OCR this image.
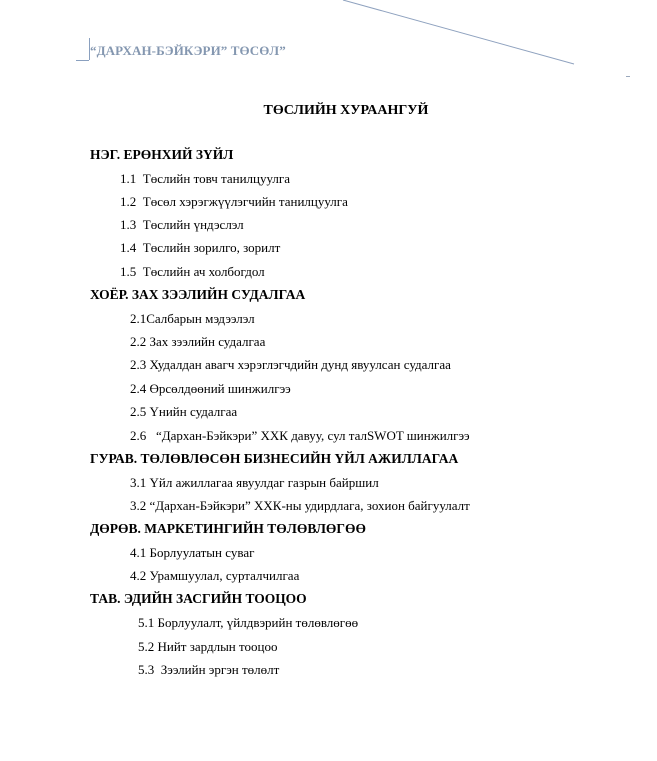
“ДАРХАН-БЭЙКЭРИ” ТӨСӨЛ”
ТӨСЛИЙН ХУРААНГУЙ
НЭГ. ЕРӨНХИЙ ЗҮЙЛ
1.1 Төслийн товч танилцуулга
1.2 Төсөл хэрэгжүүлэгчийн танилцуулга
1.3 Төслийн үндэслэл
1.4 Төслийн зорилго, зорилт
1.5 Төслийн ач холбогдол
ХОЁР. ЗАХ ЗЭЭЛИЙН СУДАЛГАА
2.1Салбарын мэдээлэл
2.2 Зах зээлийн судалгаа
2.3 Худалдан авагч хэрэглэгчдийн дунд явуулсан судалгаа
2.4 Өрсөлдөөний шинжилгээ
2.5 Үнийн судалгаа
2.6 “Дархан-Бэйкэри” ХХК давуу, сул талSWOT шинжилгээ
ГУРАВ. ТӨЛӨВЛӨСӨН БИЗНЕСИЙН ҮЙЛ АЖИЛЛАГАА
3.1 Үйл ажиллагаа явуулдаг газрын байршил
3.2 “Дархан-Бэйкэри” ХХК-ны удирдлага, зохион байгуулалт
ДӨРӨВ. МАРКЕТИНГИЙН ТӨЛӨВЛӨГӨӨ
4.1 Борлуулатын суваг
4.2 Урамшуулал, сурталчилгаа
ТАВ. ЭДИЙН ЗАСГИЙН ТООЦОО
5.1 Борлуулалт, үйлдвэрийн төлөвлөгөө
5.2 Нийт зардлын тооцоо
5.3 Зээлийн эргэн төлөлт
